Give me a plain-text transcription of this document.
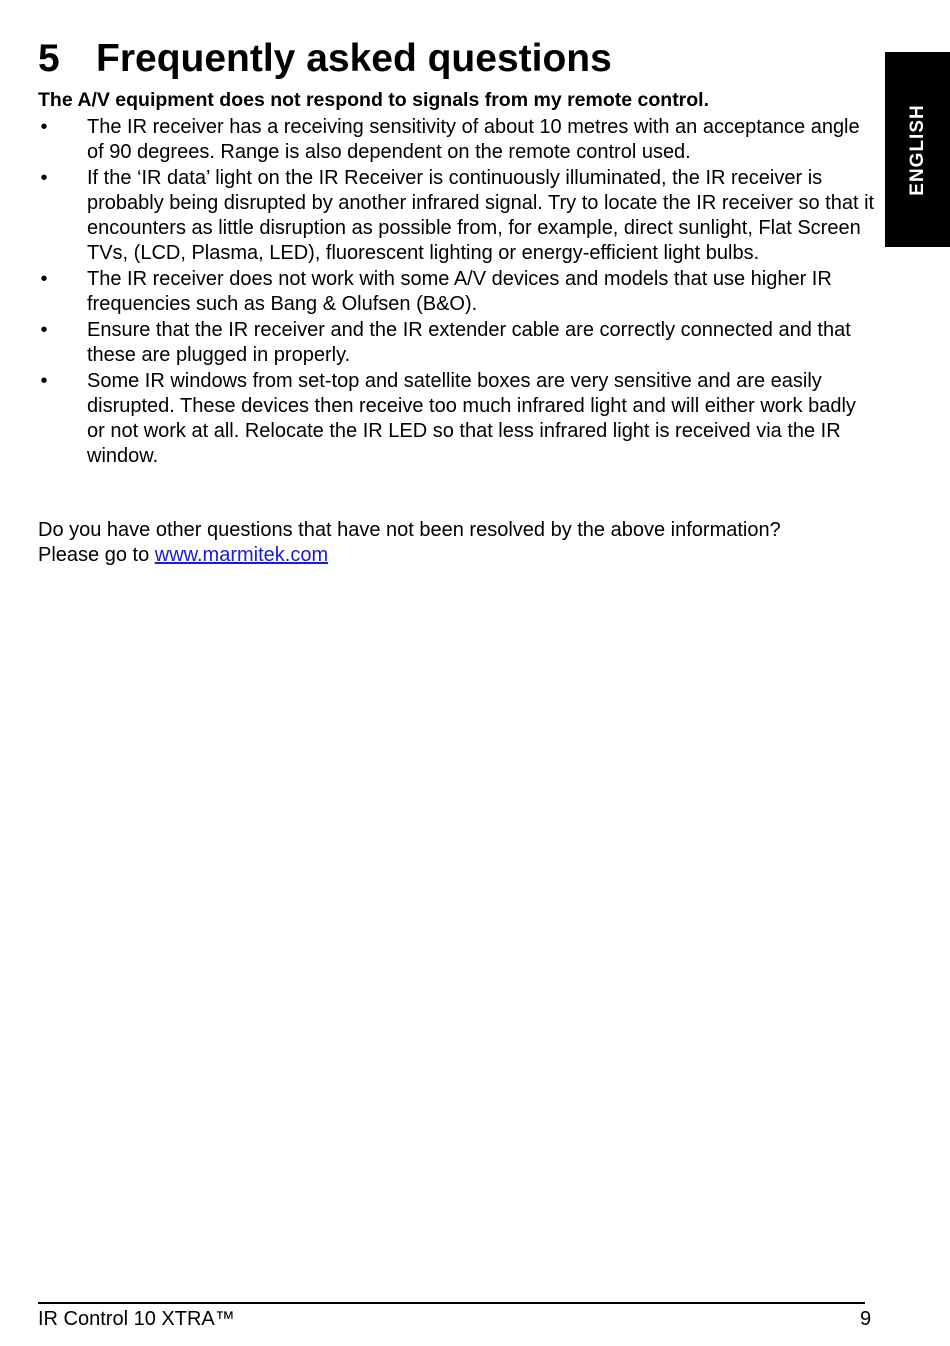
5 Frequently asked questions
ENGLISH

The A/V equipment does not respond to signals from my remote control.

• The IR receiver has a receiving sensitivity of about 10 metres with an acceptance angle of 90 degrees. Range is also dependent on the remote control used.
• If the ‘IR data’ light on the IR Receiver is continuously illuminated, the IR receiver is probably being disrupted by another infrared signal. Try to locate the IR receiver so that it encounters as little disruption as possible from, for example, direct sunlight, Flat Screen TVs, (LCD, Plasma, LED), fluorescent lighting or energy-efficient light bulbs.
• The IR receiver does not work with some A/V devices and models that use higher IR frequencies such as Bang & Olufsen (B&O).
• Ensure that the IR receiver and the IR extender cable are correctly connected and that these are plugged in properly.
• Some IR windows from set-top and satellite boxes are very sensitive and are easily disrupted. These devices then receive too much infrared light and will either work badly or not work at all. Relocate the IR LED so that less infrared light is received via the IR window.

Do you have other questions that have not been resolved by the above information?
Please go to www.marmitek.com

IR Control 10 XTRA™	9
